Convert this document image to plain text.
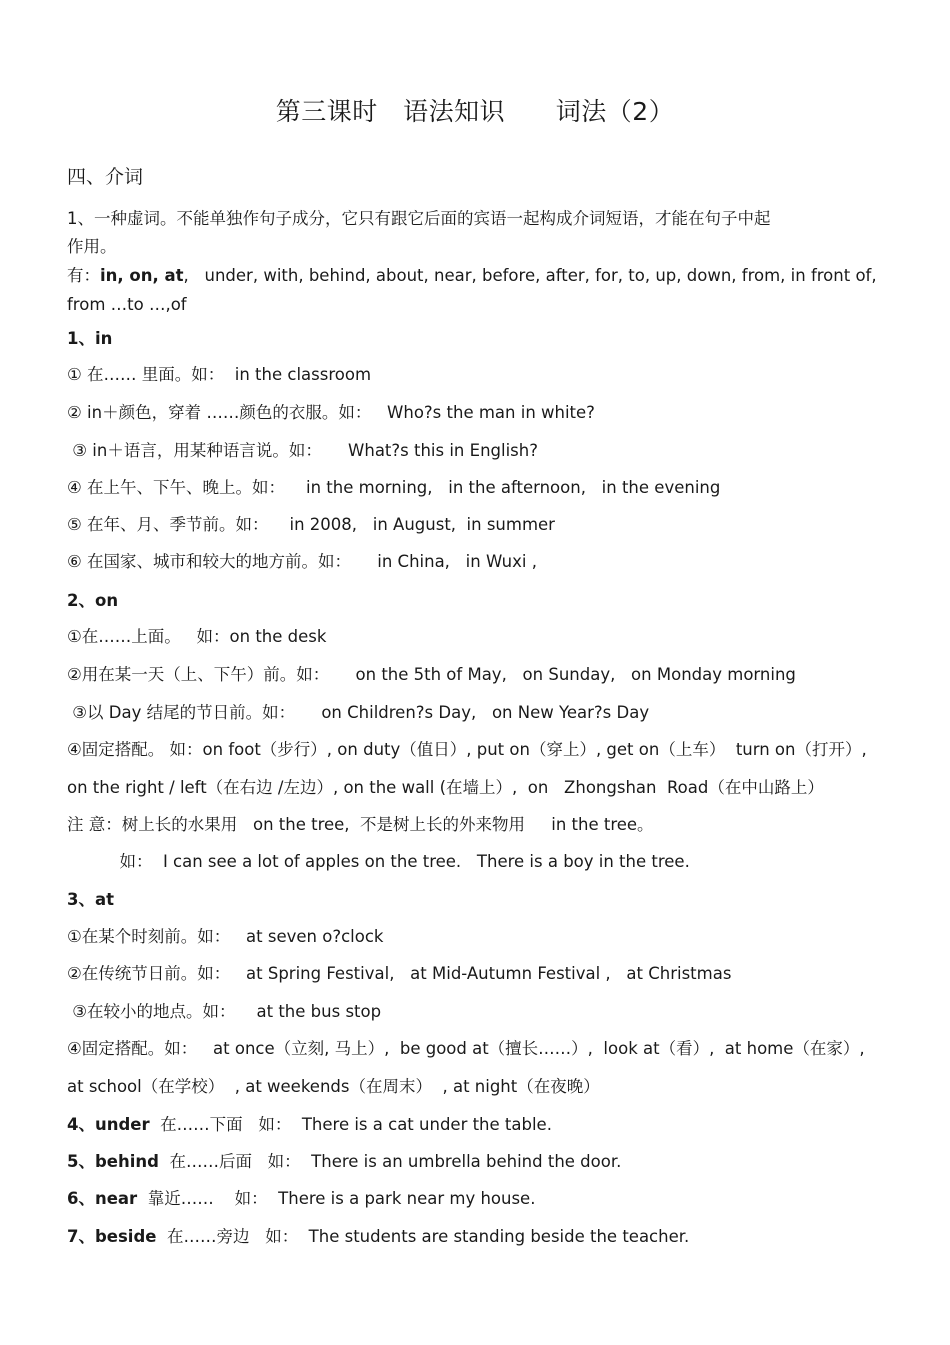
第三课时   语法知识      词法（2）
四、介词
1、一种虚词。不能单独作句子成分，它只有跟它后面的宾语一起构成介词短语，才能在句子中起
作用。
有：in, on, at,   under, with, behind, about, near, before, after, for, to, up, down, from, in front of,
from …to …,of
1、in
① 在…… 里面。如：  in the classroom
② in＋颜色，穿着 ……颜色的衣服。如：   Who?s the man in white?
③ in＋语言，用某种语言说。如：     What?s this in English?
④ 在上午、下午、晚上。如：    in the morning,   in the afternoon,   in the evening
⑤ 在年、月、季节前。如：    in 2008,   in August,  in summer
⑥ 在国家、城市和较大的地方前。如：     in China,   in Wuxi ,
2、on
①在……上面。   如：on the desk
②用在某一天（上、下午）前。如：     on the 5th of May,   on Sunday,   on Monday morning
③以 Day 结尾的节日前。如：     on Children?s Day,   on New Year?s Day
④固定搭配。 如：on foot（步行）, on duty（值日）, put on（穿上）, get on（上车）  turn on（打开）,
on the right / left（在右边 /左边）, on the wall (在墙上）,  on   Zhongshan  Road（在中山路上）
注 意：树上长的水果用   on the tree,  不是树上长的外来物用     in the tree。
如：  I can see a lot of apples on the tree.   There is a boy in the tree.
3、at
①在某个时刻前。如：   at seven o?clock
②在传统节日前。如：   at Spring Festival,   at Mid-Autumn Festival ,   at Christmas
③在较小的地点。如：    at the bus stop
④固定搭配。如：   at once（立刻, 马上）,  be good at（擅长……）,  look at（看）,  at home（在家）,
at school（在学校）  , at weekends（在周末）  , at night（在夜晚）
4、under  在……下面   如：  There is a cat under the table.
5、behind  在……后面   如：  There is an umbrella behind the door.
6、near  靠近……    如：  There is a park near my house.
7、beside  在……旁边   如：  The students are standing beside the teacher.
